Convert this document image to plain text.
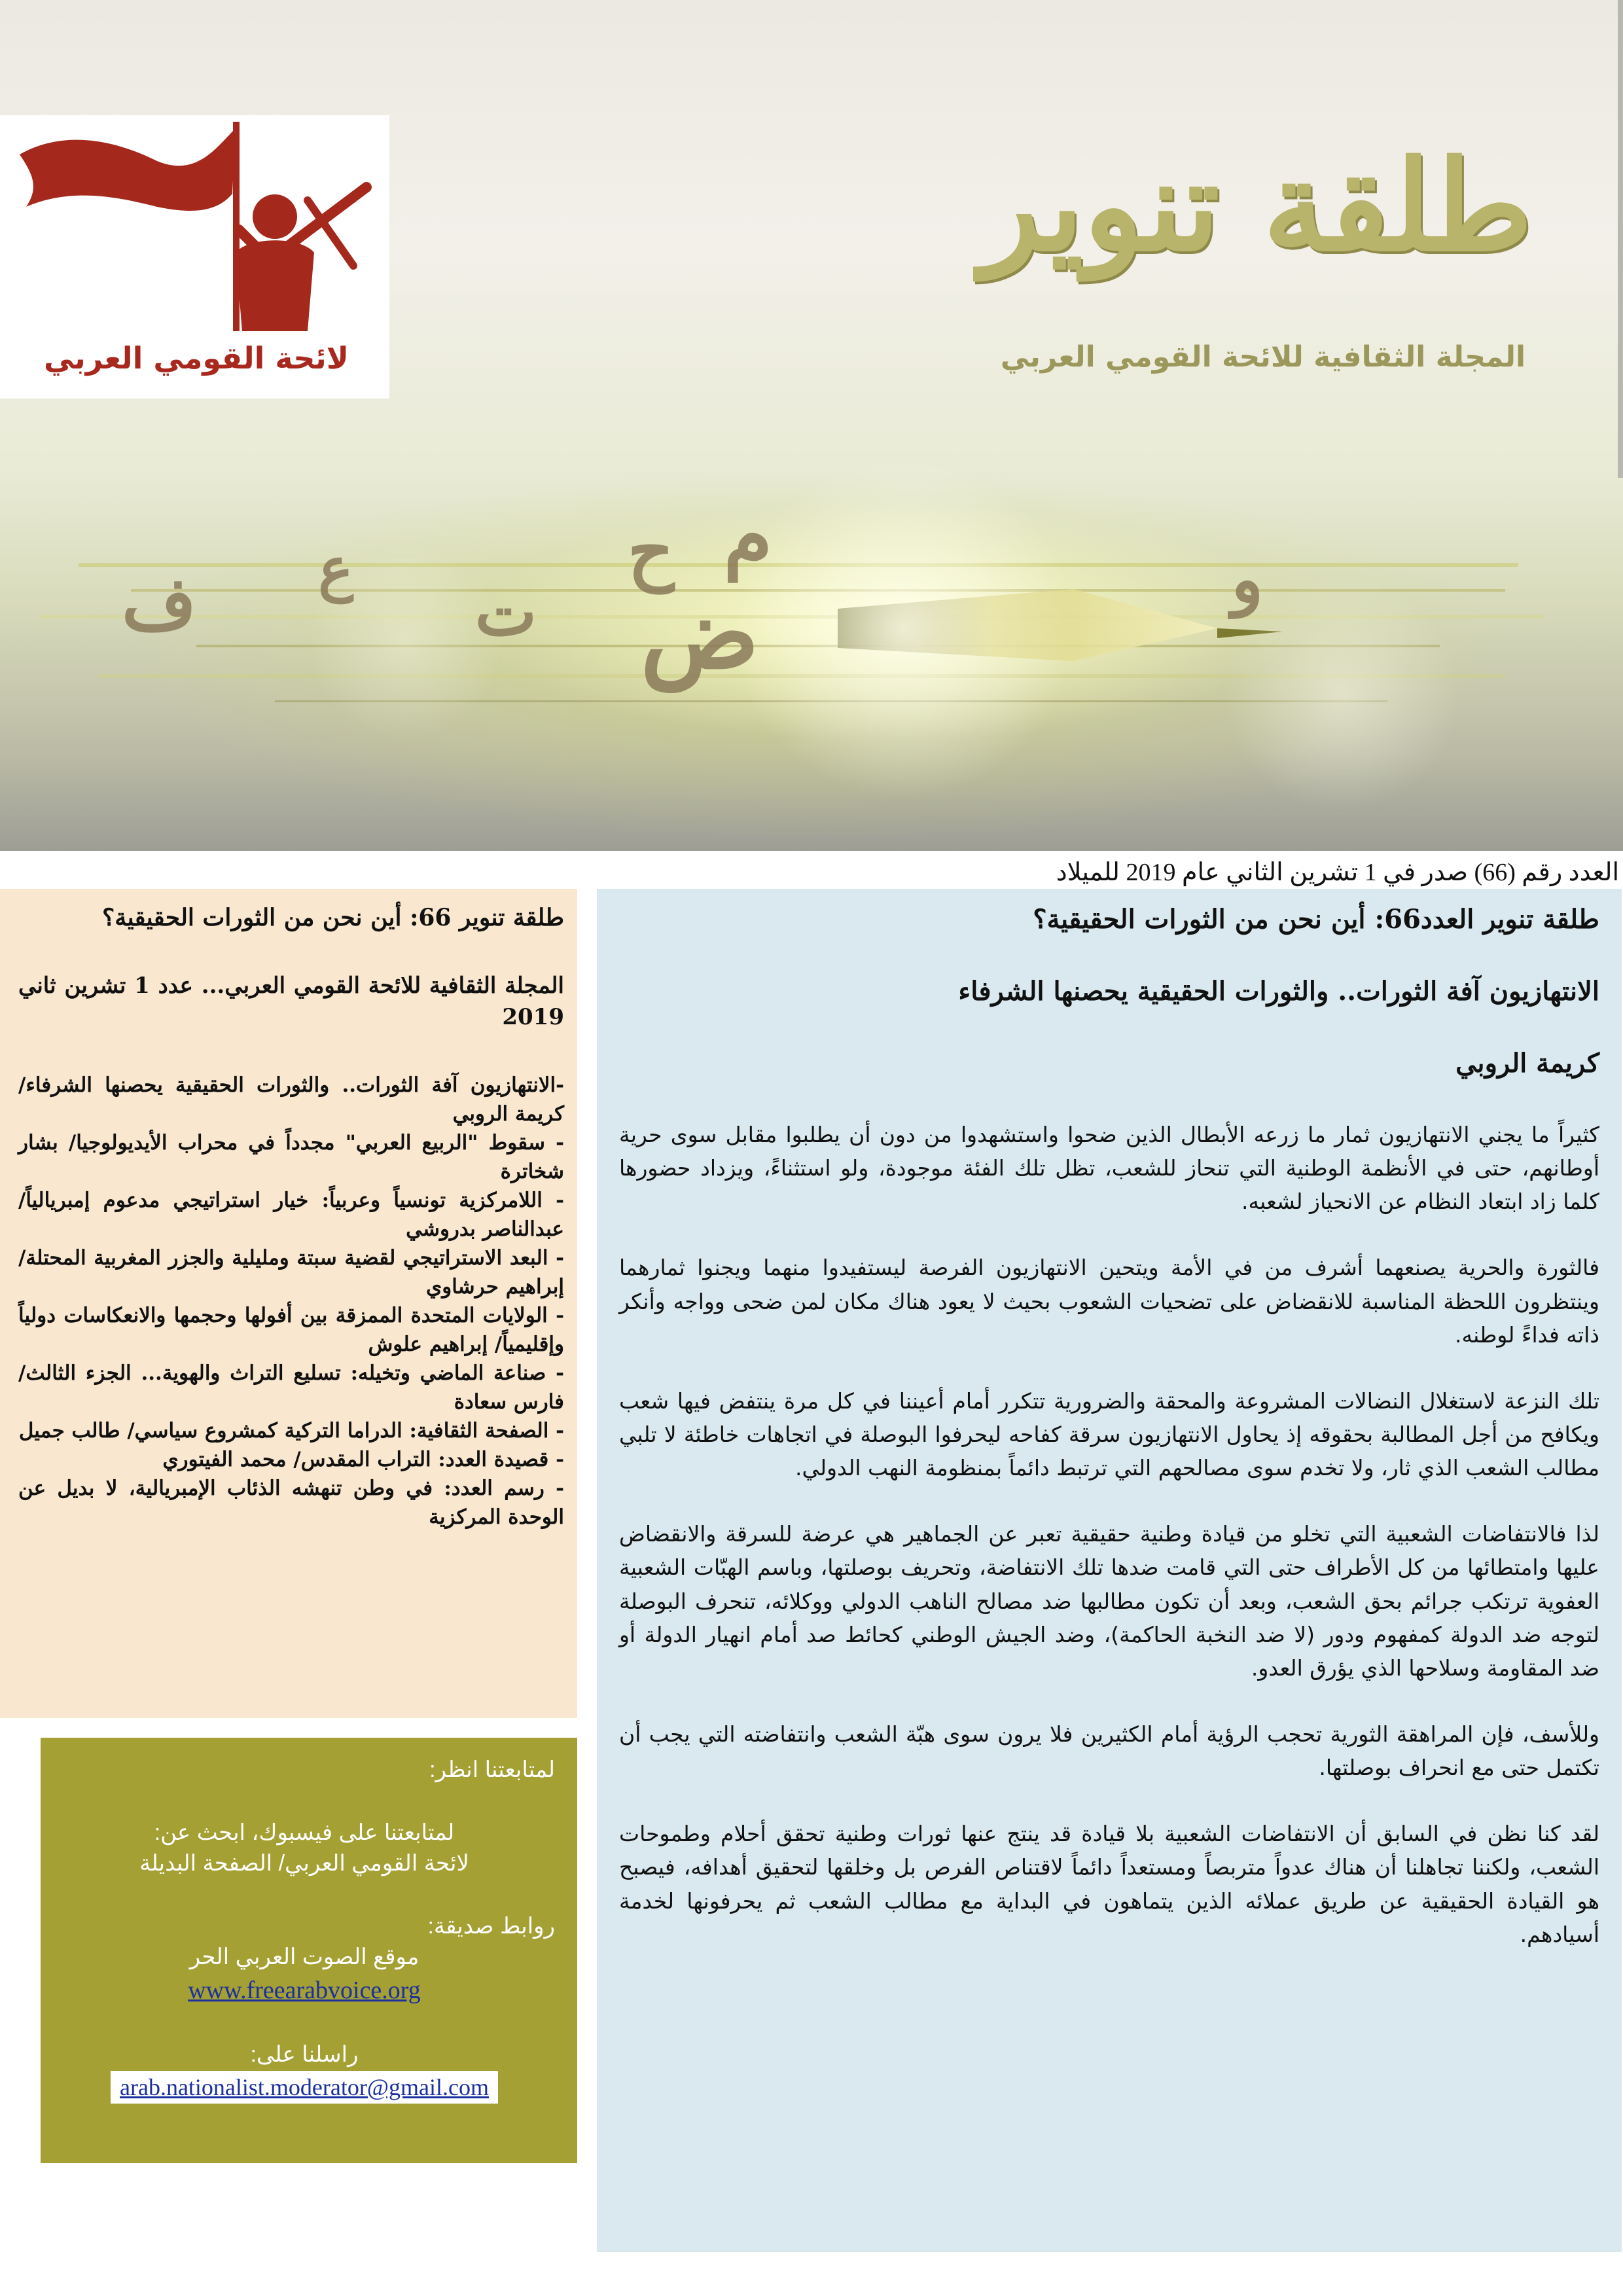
ض
ح م
ف	ت	و
ع
لائحة القومي العربي
طلقة تنوير
المجلة الثقافية للائحة القومي العربي
العدد رقم (66) صدر في 1 تشرين الثاني عام 2019 للميلاد
طلقة تنوير العدد66: أين نحن من الثورات الحقيقية؟
الانتهازيون آفة الثورات.. والثورات الحقيقية يحصنها الشرفاء
كريمة الروبي

كثيراً ما يجني الانتهازيون ثمار ما زرعه الأبطال الذين ضحوا واستشهدوا من دون أن يطلبوا مقابل سوى حرية أوطانهم، حتى في الأنظمة الوطنية التي تنحاز للشعب، تظل تلك الفئة موجودة، ولو استثناءً، ويزداد حضورها كلما زاد ابتعاد النظام عن الانحياز لشعبه.

فالثورة والحرية يصنعهما أشرف من في الأمة ويتحين الانتهازيون الفرصة ليستفيدوا منهما ويجنوا ثمارهما وينتظرون اللحظة المناسبة للانقضاض على تضحيات الشعوب بحيث لا يعود هناك مكان لمن ضحى وواجه وأنكر ذاته فداءً لوطنه.

تلك النزعة لاستغلال النضالات المشروعة والمحقة والضرورية تتكرر أمام أعيننا في كل مرة ينتفض فيها شعب ويكافح من أجل المطالبة بحقوقه إذ يحاول الانتهازيون سرقة كفاحه ليحرفوا البوصلة في اتجاهات خاطئة لا تلبي مطالب الشعب الذي ثار، ولا تخدم سوى مصالحهم التي ترتبط دائماً بمنظومة النهب الدولي.

لذا فالانتفاضات الشعبية التي تخلو من قيادة وطنية حقيقية تعبر عن الجماهير هي عرضة للسرقة والانقضاض عليها وامتطائها من كل الأطراف حتى التي قامت ضدها تلك الانتفاضة، وتحريف بوصلتها، وباسم الهبّات الشعبية العفوية ترتكب جرائم بحق الشعب، وبعد أن تكون مطالبها ضد مصالح الناهب الدولي ووكلائه، تنحرف البوصلة لتوجه ضد الدولة كمفهوم ودور (لا ضد النخبة الحاكمة)، وضد الجيش الوطني كحائط صد أمام انهيار الدولة أو ضد المقاومة وسلاحها الذي يؤرق العدو.

وللأسف، فإن المراهقة الثورية تحجب الرؤية أمام الكثيرين فلا يرون سوى هبّة الشعب وانتفاضته التي يجب أن تكتمل حتى مع انحراف بوصلتها.

لقد كنا نظن في السابق أن الانتفاضات الشعبية بلا قيادة قد ينتج عنها ثورات وطنية تحقق أحلام وطموحات الشعب، ولكننا تجاهلنا أن هناك عدواً متربصاً ومستعداً دائماً لاقتناص الفرص بل وخلقها لتحقيق أهدافه، فيصبح هو القيادة الحقيقية عن طريق عملائه الذين يتماهون في البداية مع مطالب الشعب ثم يحرفونها لخدمة أسيادهم.

طلقة تنوير 66: أين نحن من الثورات الحقيقية؟
المجلة الثقافية للائحة القومي العربي... عدد 1 تشرين ثاني 2019
-الانتهازيون آفة الثورات.. والثورات الحقيقية يحصنها الشرفاء/ كريمة الروبي
- سقوط "الربيع العربي" مجدداً في محراب الأيديولوجيا/ بشار شخاترة
- اللامركزية تونسياً وعربياً: خيار استراتيجي مدعوم إمبريالياً/ عبدالناصر بدروشي
- البعد الاستراتيجي لقضية سبتة ومليلية والجزر المغربية المحتلة/ إبراهيم حرشاوي
- الولايات المتحدة الممزقة بين أفولها وحجمها والانعكاسات دولياً وإقليمياً/ إبراهيم علوش
- صناعة الماضي وتخيله: تسليع التراث والهوية... الجزء الثالث/ فارس سعادة
- الصفحة الثقافية: الدراما التركية كمشروع سياسي/ طالب جميل
- قصيدة العدد: التراب المقدس/ محمد الفيتوري
- رسم العدد: في وطن تنهشه الذئاب الإمبريالية، لا بديل عن الوحدة المركزية
لمتابعتنا انظر:
لمتابعتنا على فيسبوك، ابحث عن:
لائحة القومي العربي/ الصفحة البديلة
روابط صديقة:
موقع الصوت العربي الحر
www.freearabvoice.org
راسلنا على:
arab.nationalist.moderator@gmail.com
